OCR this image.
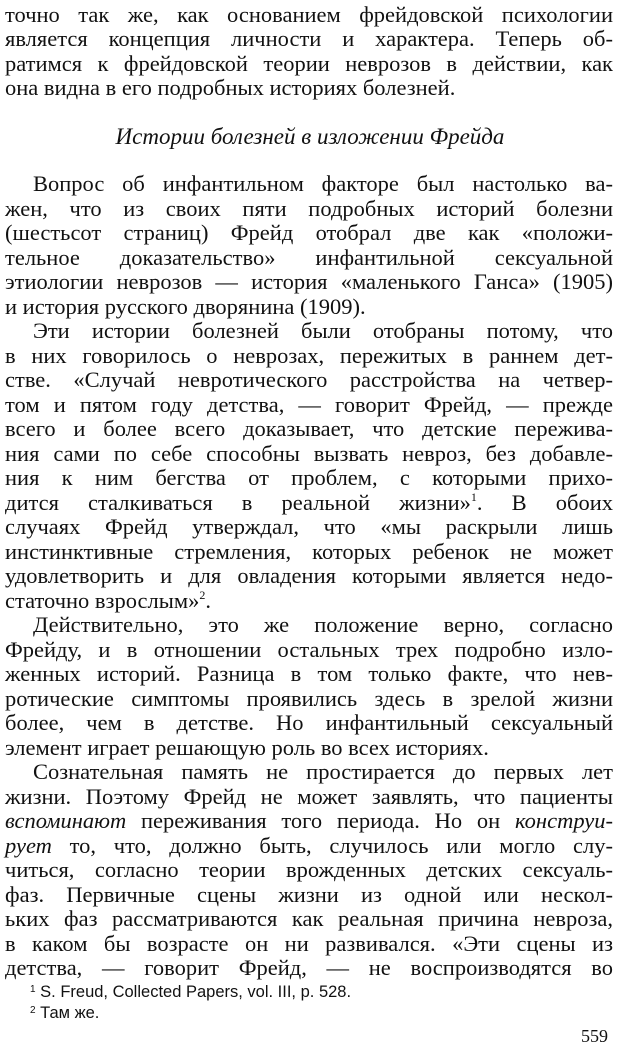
точно так же, как основанием фрейдовской психологии
является концепция личности и характера. Теперь об-
ратимся к фрейдовской теории неврозов в действии, как
она видна в его подробных историях болезней.
Истории болезней в изложении Фрейда
Вопрос об инфантильном факторе был настолько ва-
жен, что из своих пяти подробных историй болезни
(шестьсот страниц) Фрейд отобрал две как «положи-
тельное доказательство» инфантильной сексуальной
этиологии неврозов — история «маленького Ганса» (1905)
и история русского дворянина (1909).
Эти истории болезней были отобраны потому, что
в них говорилось о неврозах, пережитых в раннем дет-
стве. «Случай невротического расстройства на четвер-
том и пятом году детства, — говорит Фрейд, — прежде
всего и более всего доказывает, что детские пережива-
ния сами по себе способны вызвать невроз, без добавле-
ния к ним бегства от проблем, с которыми прихо-
дится сталкиваться в реальной жизни»$^1$. В обоих
случаях Фрейд утверждал, что «мы раскрыли лишь
инстинктивные стремления, которых ребенок не может
удовлетворить и для овладения которыми является недо-
статочно взрослым»$^2$.
Действительно, это же положение верно, согласно
Фрейду, и в отношении остальных трех подробно изло-
женных историй. Разница в том только факте, что нев-
ротические симптомы проявились здесь в зрелой жизни
более, чем в детстве. Но инфантильный сексуальный
элемент играет решающую роль во всех историях.
Сознательная память не простирается до первых лет
жизни. Поэтому Фрейд не может заявлять, что пациенты
вспоминают переживания того периода. Но он конструи-
рует то, что, должно быть, случилось или могло слу-
читься, согласно теории врожденных детских сексуаль-
фаз. Первичные сцены жизни из одной или нескол-
ьких фаз рассматриваются как реальная причина невроза,
в каком бы возрасте он ни развивался. «Эти сцены из
детства, — говорит Фрейд, — не воспроизводятся во
$^1$ S. Freud, Collected Papers, vol. III, p. 528.
$^2$ Там же.
559
